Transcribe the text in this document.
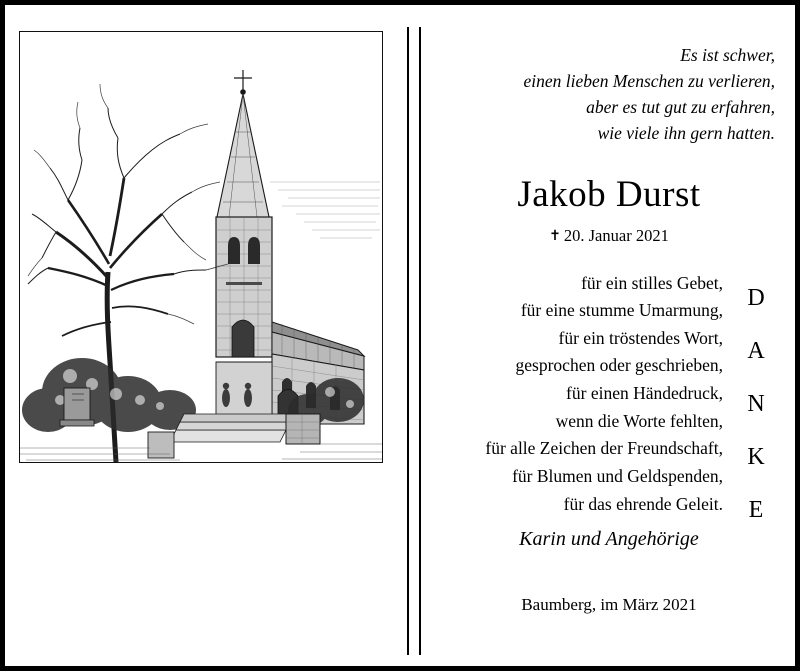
Es ist schwer,
einen lieben Menschen zu verlieren,
aber es tut gut zu erfahren,
wie viele ihn gern hatten.
Jakob Durst
✝ 20. Januar 2021
für ein stilles Gebet,
für eine stumme Umarmung,
für ein tröstendes Wort,
gesprochen oder geschrieben,
für einen Händedruck,
wenn die Worte fehlten,
für alle Zeichen der Freundschaft,
für Blumen und Geldspenden,
für das ehrende Geleit.
D
A
N
K
E
Karin und Angehörige
Baumberg, im März 2021
